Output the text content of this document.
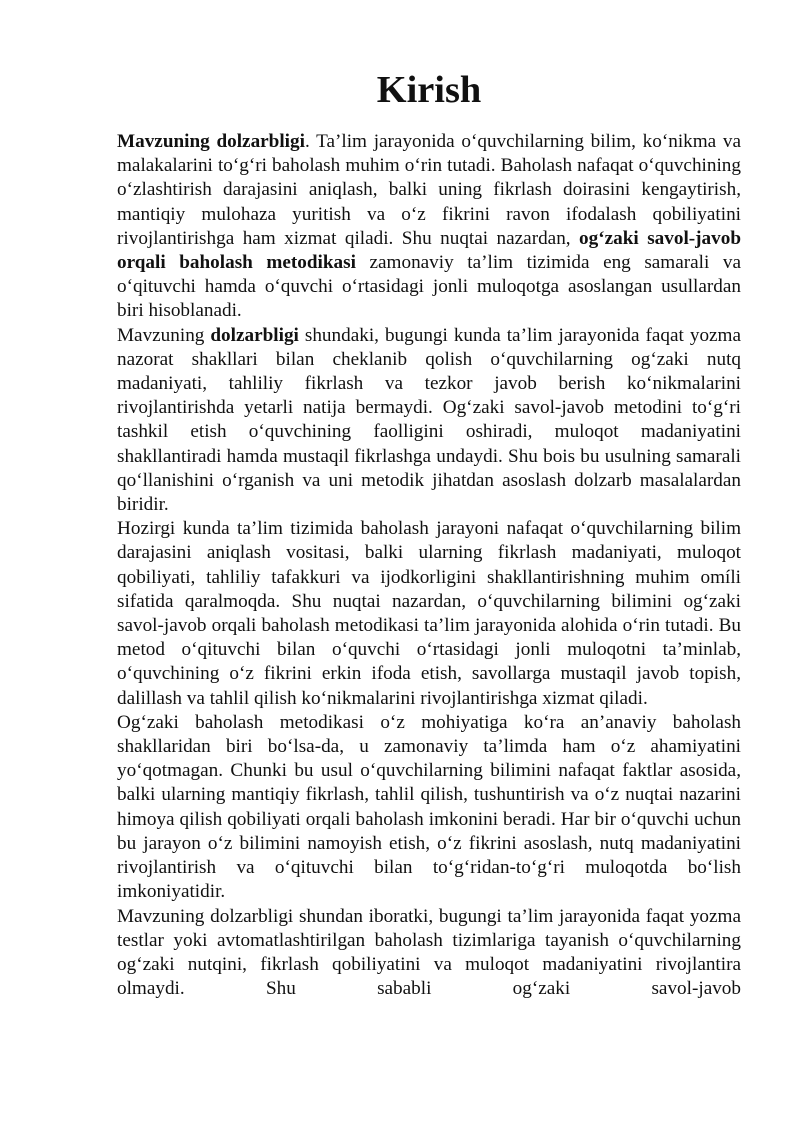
Kirish

Mavzuning dolzarbligi. Ta’lim jarayonida o‘quvchilarning bilim, ko‘nikma va malakalarini to‘g‘ri baholash muhim o‘rin tutadi. Baholash nafaqat o‘quvchining o‘zlashtirish darajasini aniqlash, balki uning fikrlash doirasini kengaytirish, mantiqiy mulohaza yuritish va o‘z fikrini ravon ifodalash qobiliyatini rivojlantirishga ham xizmat qiladi. Shu nuqtai nazardan, og‘zaki savol-javob orqali baholash metodikasi zamonaviy ta’lim tizimida eng samarali va o‘qituvchi hamda o‘quvchi o‘rtasidagi jonli muloqotga asoslangan usullardan biri hisoblanadi.

Mavzuning dolzarbligi shundaki, bugungi kunda ta’lim jarayonida faqat yozma nazorat shakllari bilan cheklanib qolish o‘quvchilarning og‘zaki nutq madaniyati, tahliliy fikrlash va tezkor javob berish ko‘nikmalarini rivojlantirishda yetarli natija bermaydi. Og‘zaki savol-javob metodini to‘g‘ri tashkil etish o‘quvchining faolligini oshiradi, muloqot madaniyatini shakllantiradi hamda mustaqil fikrlashga undaydi. Shu bois bu usulning samarali qo‘llanishini o‘rganish va uni metodik jihatdan asoslash dolzarb masalalardan biridir.

Hozirgi kunda ta’lim tizimida baholash jarayoni nafaqat o‘quvchilarning bilim darajasini aniqlash vositasi, balki ularning fikrlash madaniyati, muloqot qobiliyati, tahliliy tafakkuri va ijodkorligini shakllantirishning muhim omíli sifatida qaralmoqda. Shu nuqtai nazardan, o‘quvchilarning bilimini og‘zaki savol-javob orqali baholash metodikasi ta’lim jarayonida alohida o‘rin tutadi. Bu metod o‘qituvchi bilan o‘quvchi o‘rtasidagi jonli muloqotni ta’minlab, o‘quvchining o‘z fikrini erkin ifoda etish, savollarga mustaqil javob topish, dalillash va tahlil qilish ko‘nikmalarini rivojlantirishga xizmat qiladi.

Og‘zaki baholash metodikasi o‘z mohiyatiga ko‘ra an’anaviy baholash shakllaridan biri bo‘lsa-da, u zamonaviy ta’limda ham o‘z ahamiyatini yo‘qotmagan. Chunki bu usul o‘quvchilarning bilimini nafaqat faktlar asosida, balki ularning mantiqiy fikrlash, tahlil qilish, tushuntirish va o‘z nuqtai nazarini himoya qilish qobiliyati orqali baholash imkonini beradi. Har bir o‘quvchi uchun bu jarayon o‘z bilimini namoyish etish, o‘z fikrini asoslash, nutq madaniyatini rivojlantirish va o‘qituvchi bilan to‘g‘ridan-to‘g‘ri muloqotda bo‘lish imkoniyatidir.

Mavzuning dolzarbligi shundan iboratki, bugungi ta’lim jarayonida faqat yozma testlar yoki avtomatlashtirilgan baholash tizimlariga tayanish o‘quvchilarning og‘zaki nutqini, fikrlash qobiliyatini va muloqot madaniyatini rivojlantira olmaydi. Shu sababli og‘zaki savol-javob
